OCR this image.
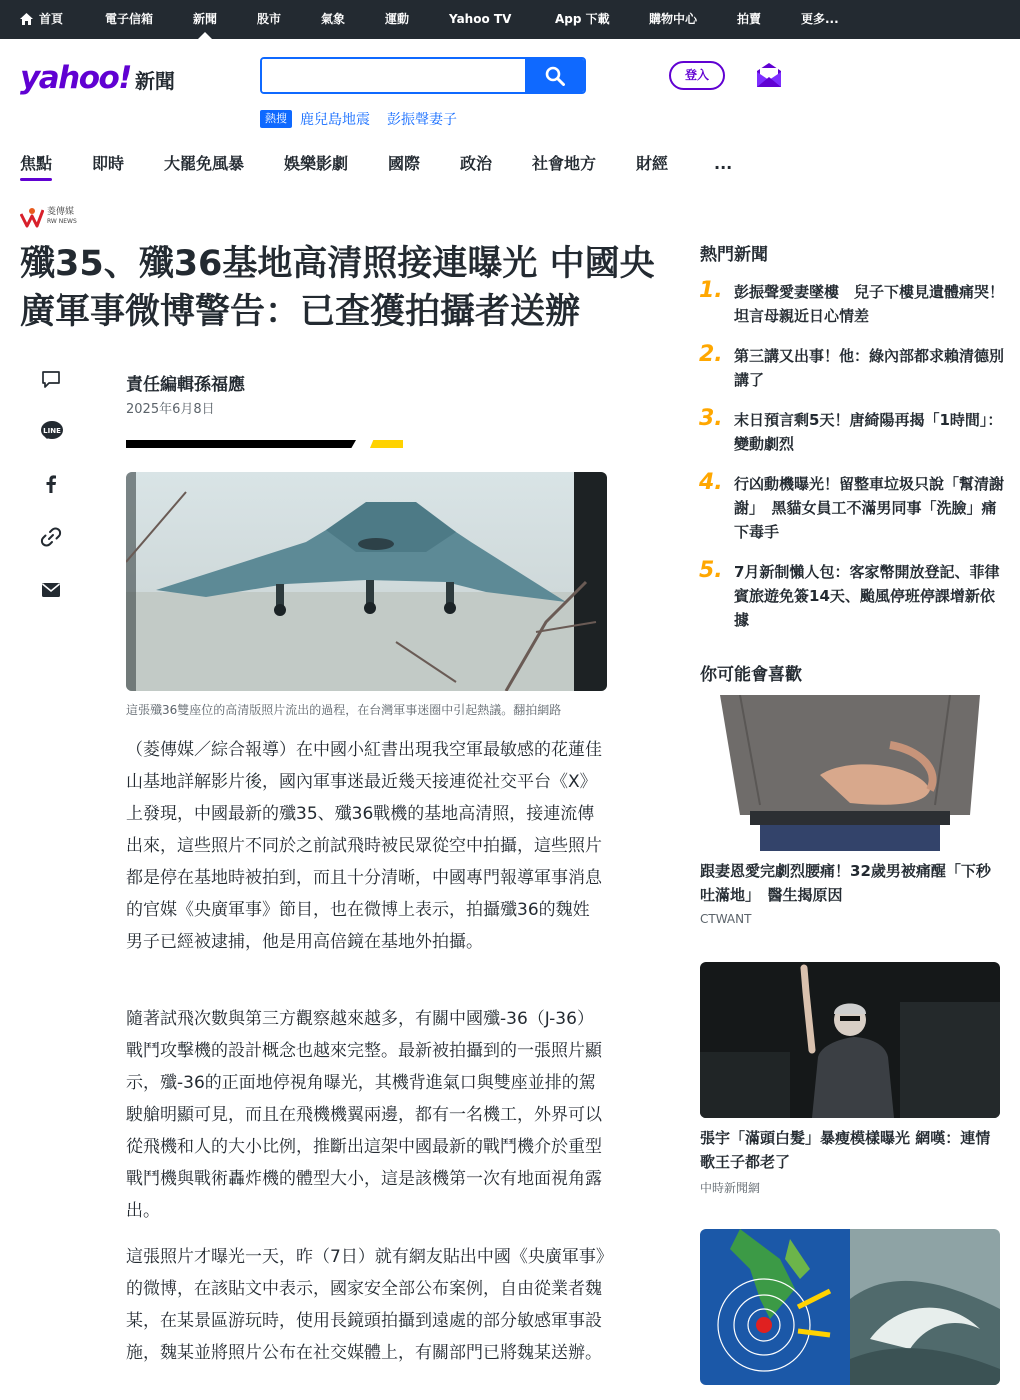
首頁	電子信箱	新聞	股市	氣象	運動	Yahoo TV	App 下載	購物中心	拍賣	更多...
yahoo! 新聞	登入
熱搜 鹿兒島地震 彭振聲妻子
焦點 即時 大罷免風暴 娛樂影劇 國際 政治 社會地方 財經	...
菱傳媒
RW NEWS
殲35、殲36基地高清照接連曝光 中國央廣軍事微博警告：已查獲拍攝者送辦
LINE
責任編輯孫福應
2025年6月8日
這張殲36雙座位的高清版照片流出的過程，在台灣軍事迷圈中引起熱議。翻拍網路

（菱傳媒／綜合報導）在中國小紅書出現我空軍最敏感的花蓮佳山基地詳解影片後，國內軍事迷最近幾天接連從社交平台《X》上發現，中國最新的殲35、殲36戰機的基地高清照，接連流傳出來，這些照片不同於之前試飛時被民眾從空中拍攝，這些照片都是停在基地時被拍到，而且十分清晰，中國專門報導軍事消息的官媒《央廣軍事》節目，也在微博上表示，拍攝殲36的魏姓男子已經被逮捕，他是用高倍鏡在基地外拍攝。

隨著試飛次數與第三方觀察越來越多，有關中國殲-36（J-36）戰鬥攻擊機的設計概念也越來完整。最新被拍攝到的一張照片顯示，殲-36的正面地停視角曝光，其機背進氣口與雙座並排的駕駛艙明顯可見，而且在飛機機翼兩邊，都有一名機工，外界可以從飛機和人的大小比例，推斷出這架中國最新的戰鬥機介於重型戰鬥機與戰術轟炸機的體型大小，這是該機第一次有地面視角露出。

這張照片才曝光一天，昨（7日）就有網友貼出中國《央廣軍事》的微博，在該貼文中表示，國家安全部公布案例，自由從業者魏某，在某景區游玩時，使用長鏡頭拍攝到遠處的部分敏感軍事設施，魏某並將照片公布在社交媒體上，有關部門已將魏某送辦。

熱門新聞
1. 彭振聲愛妻墜樓　兒子下樓見遺體痛哭！坦言母親近日心情差
2. 第三講又出事！他：綠內部都求賴清德別講了
3. 末日預言剩5天！唐綺陽再揭「1時間」：變動劇烈
4. 行凶動機曝光！留整車垃圾只說「幫清謝謝」　黑貓女員工不滿男同事「洗臉」痛下毒手
5. 7月新制懶人包：客家幣開放登記、菲律賓旅遊免簽14天、颱風停班停課增新依據
你可能會喜歡
跟妻恩愛完劇烈腰痛！32歲男被痛醒「下秒吐滿地」　醫生揭原因
CTWANT
張宇「滿頭白髮」暴瘦模樣曝光 網嘆：連情歌王子都老了
中時新聞網
